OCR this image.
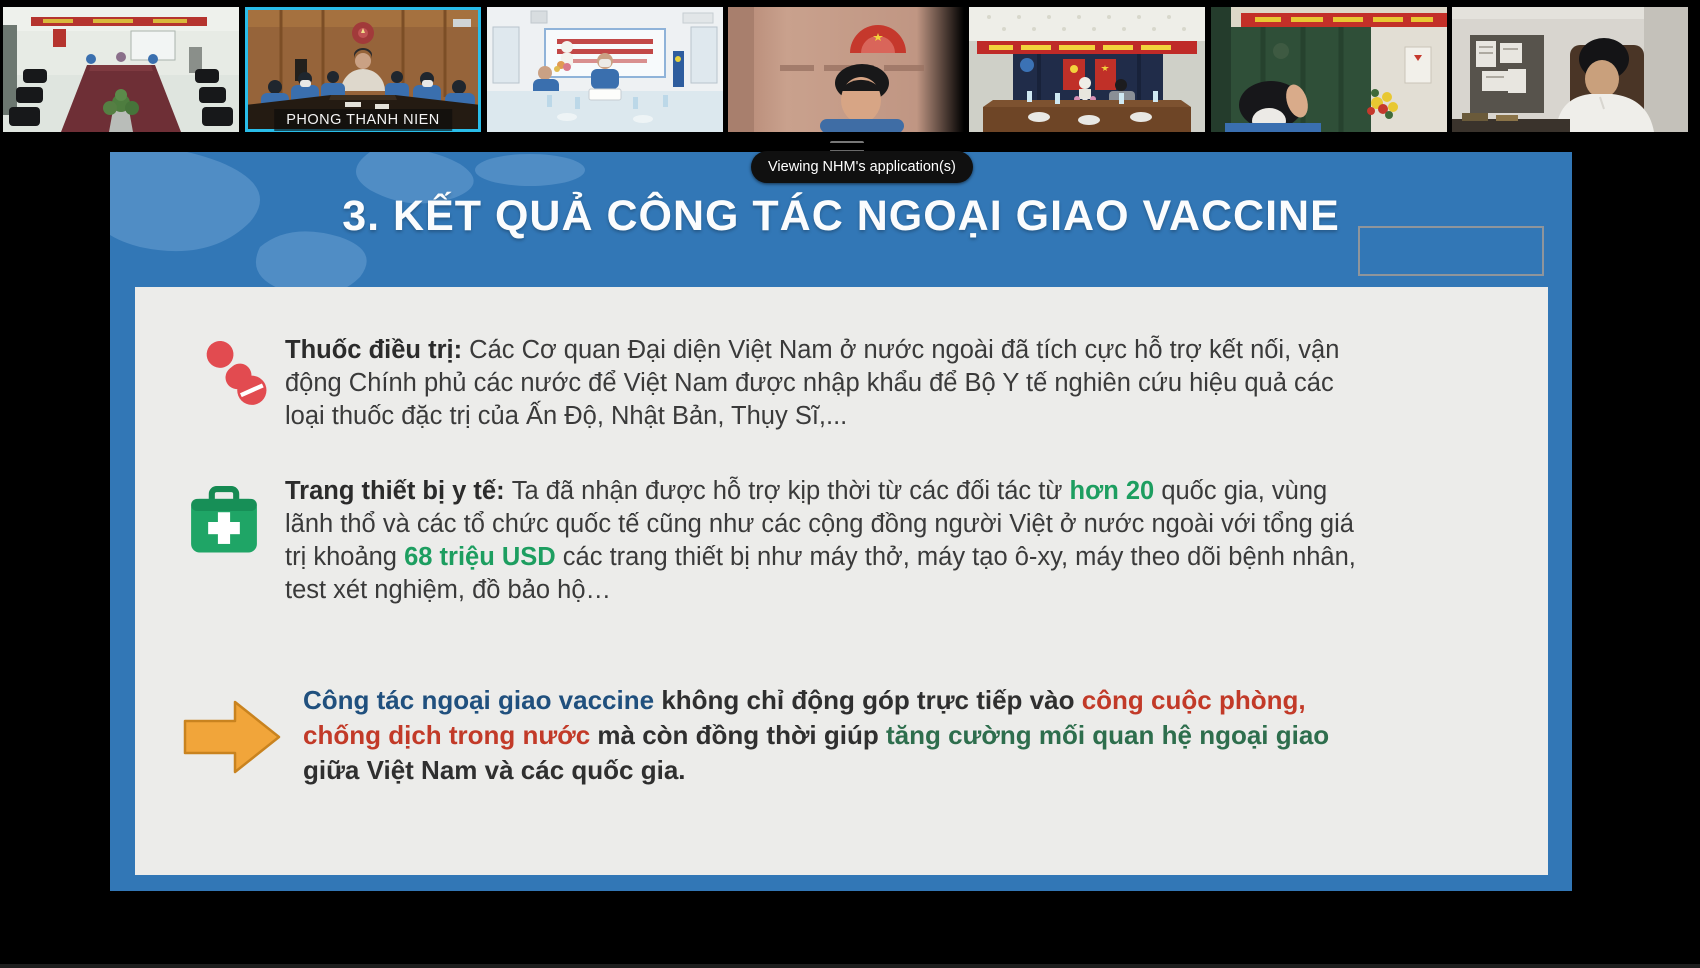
PHONG THANH NIEN
3. KẾT QUẢ CÔNG TÁC NGOẠI GIAO VACCINE

Thuốc điều trị: Các Cơ quan Đại diện Việt Nam ở nước ngoài đã tích cực hỗ trợ kết nối, vận động Chính phủ các nước để Việt Nam được nhập khẩu để Bộ Y tế nghiên cứu hiệu quả các loại thuốc đặc trị của Ấn Độ, Nhật Bản, Thụy Sĩ,...

Trang thiết bị y tế: Ta đã nhận được hỗ trợ kịp thời từ các đối tác từ hơn 20 quốc gia, vùng lãnh thổ và các tổ chức quốc tế cũng như các cộng đồng người Việt ở nước ngoài với tổng giá trị khoảng 68 triệu USD các trang thiết bị như máy thở, máy tạo ô-xy, máy theo dõi bệnh nhân, test xét nghiệm, đồ bảo hộ…

Công tác ngoại giao vaccine không chỉ động góp trực tiếp vào công cuộc phòng, chống dịch trong nước mà còn đồng thời giúp tăng cường mối quan hệ ngoại giao giữa Việt Nam và các quốc gia.

Viewing NHM's application(s)
